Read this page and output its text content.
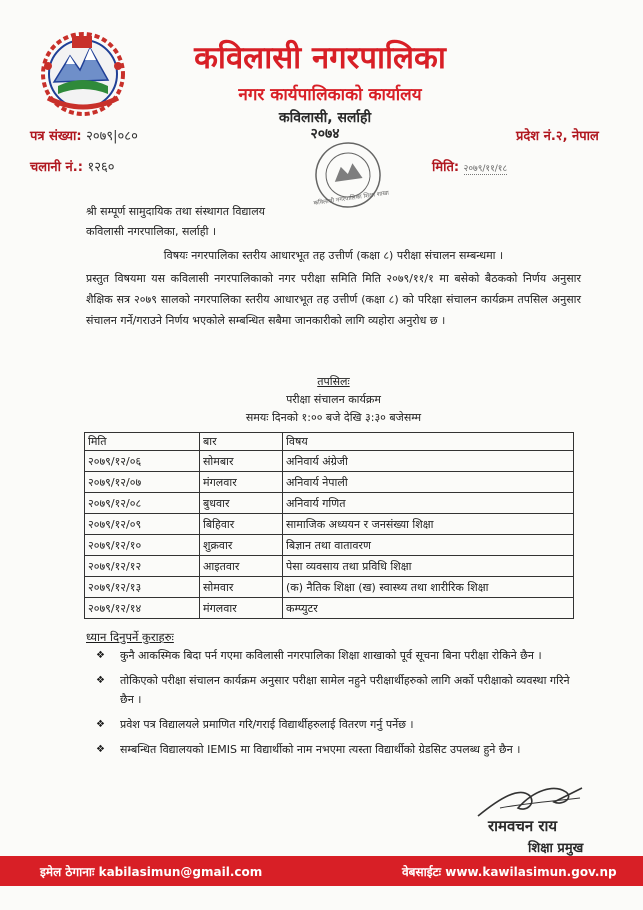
कविलासी नगरपालिका
नगर कार्यपालिकाको कार्यालय
कविलासी, सर्लाही
२०७४
पत्र संख्या: २०७९|०८०	प्रदेश नं.२, नेपाल
चलानी नं.: १२६०	मिति: २०७९/११/१८
कविलासी नगरपालिका शिक्षा शाखा
श्री सम्पूर्ण सामुदायिक तथा संस्थागत विद्यालय
कविलासी नगरपालिका, सर्लाही ।
विषयः नगरपालिका स्तरीय आधारभूत तह उत्तीर्ण (कक्षा ८) परीक्षा संचालन सम्बन्धमा ।
प्रस्तुत विषयमा यस कविलासी नगरपालिकाको नगर परीक्षा समिति मिति २०७९/११/१ मा बसेको बैठकको निर्णय अनुसार शैक्षिक सत्र २०७९ सालको नगरपालिका स्तरीय आधारभूत तह उत्तीर्ण (कक्षा ८) को परिक्षा संचालन कार्यक्रम तपसिल अनुसार संचालन गर्ने/गराउने निर्णय भएकोले सम्बन्धित सबैमा जानकारीको लागि व्यहोरा अनुरोध छ ।
तपसिलः
परीक्षा संचालन कार्यक्रम
समयः दिनको १:०० बजे देखि ३:३० बजेसम्म
मिति	बार	विषय
२०७९/१२/०६	सोमबार	अनिवार्य अंग्रेजी
२०७९/१२/०७	मंगलवार	अनिवार्य नेपाली
२०७९/१२/०८	बुधवार	अनिवार्य गणित
२०७९/१२/०९	बिहिवार	सामाजिक अध्ययन र जनसंख्या शिक्षा
२०७९/१२/१०	शुक्रवार	बिज्ञान तथा वातावरण
२०७९/१२/१२	आइतवार	पेसा व्यवसाय तथा प्रविधि शिक्षा
२०७९/१२/१३	सोमवार	(क) नैतिक शिक्षा (ख) स्वास्थ्य तथा शारीरिक शिक्षा
२०७९/१२/१४	मंगलवार	कम्प्युटर
ध्यान दिनुपर्ने कुराहरुः
❖ कुनै आकस्मिक बिदा पर्न गएमा कविलासी नगरपालिका शिक्षा शाखाको पूर्व सूचना बिना परीक्षा रोकिने छैन ।
❖ तोकिएको परीक्षा संचालन कार्यक्रम अनुसार परीक्षा सामेल नहुने परीक्षार्थीहरुको लागि अर्को परीक्षाको व्यवस्था गरिने छैन ।
❖ प्रवेश पत्र विद्यालयले प्रमाणित गरि/गराई विद्यार्थीहरुलाई वितरण गर्नु पर्नेछ ।
❖ सम्बन्धित विद्यालयको IEMIS मा विद्यार्थीको नाम नभएमा त्यस्ता विद्यार्थीको ग्रेडसिट उपलब्ध हुने छैन ।
रामवचन राय
शिक्षा प्रमुख
इमेल ठेगानाः kabilasimun@gmail.com	वेबसाईटः www.kawilasimun.gov.np
